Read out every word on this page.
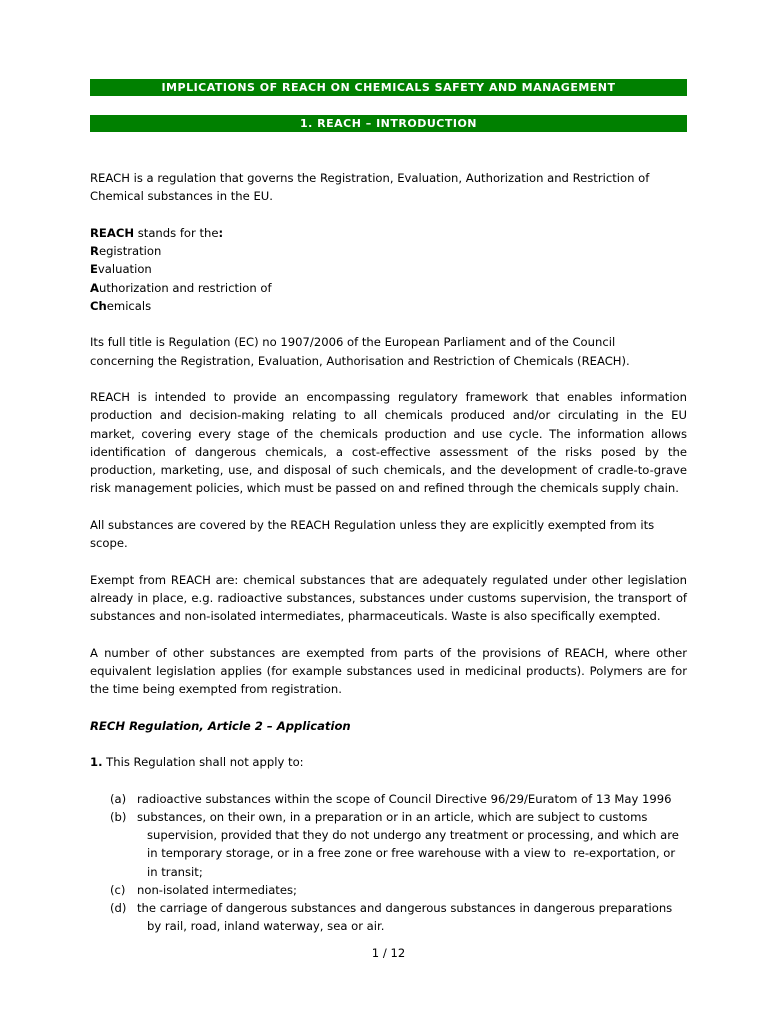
IMPLICATIONS OF REACH ON CHEMICALS SAFETY AND MANAGEMENT
1. REACH – INTRODUCTION
REACH is a regulation that governs the Registration, Evaluation, Authorization and Restriction of
Chemical substances in the EU.
REACH stands for the:
Registration
Evaluation
Authorization and restriction of
Chemicals
Its full title is Regulation (EC) no 1907/2006 of the European Parliament and of the Council
concerning the Registration, Evaluation, Authorisation and Restriction of Chemicals (REACH).
REACH is intended to provide an encompassing regulatory framework that enables information
production and decision-making relating to all chemicals produced and/or circulating in the EU
market, covering every stage of the chemicals production and use cycle. The information allows
identification of dangerous chemicals, a cost-effective assessment of the risks posed by the
production, marketing, use, and disposal of such chemicals, and the development of cradle-to-grave
risk management policies, which must be passed on and refined through the chemicals supply chain.
All substances are covered by the REACH Regulation unless they are explicitly exempted from its
scope.
Exempt from REACH are: chemical substances that are adequately regulated under other legislation
already in place, e.g. radioactive substances, substances under customs supervision, the transport of
substances and non-isolated intermediates, pharmaceuticals. Waste is also specifically exempted.
A number of other substances are exempted from parts of the provisions of REACH, where other
equivalent legislation applies (for example substances used in medicinal products). Polymers are for
the time being exempted from registration.
RECH Regulation, Article 2 – Application
1. This Regulation shall not apply to:
(a) radioactive substances within the scope of Council Directive 96/29/Euratom of 13 May 1996
(b) substances, on their own, in a preparation or in an article, which are subject to customs
supervision, provided that they do not undergo any treatment or processing, and which are
in temporary storage, or in a free zone or free warehouse with a view to  re-exportation, or
in transit;
(c) non-isolated intermediates;
(d) the carriage of dangerous substances and dangerous substances in dangerous preparations
by rail, road, inland waterway, sea or air.
1 / 12
